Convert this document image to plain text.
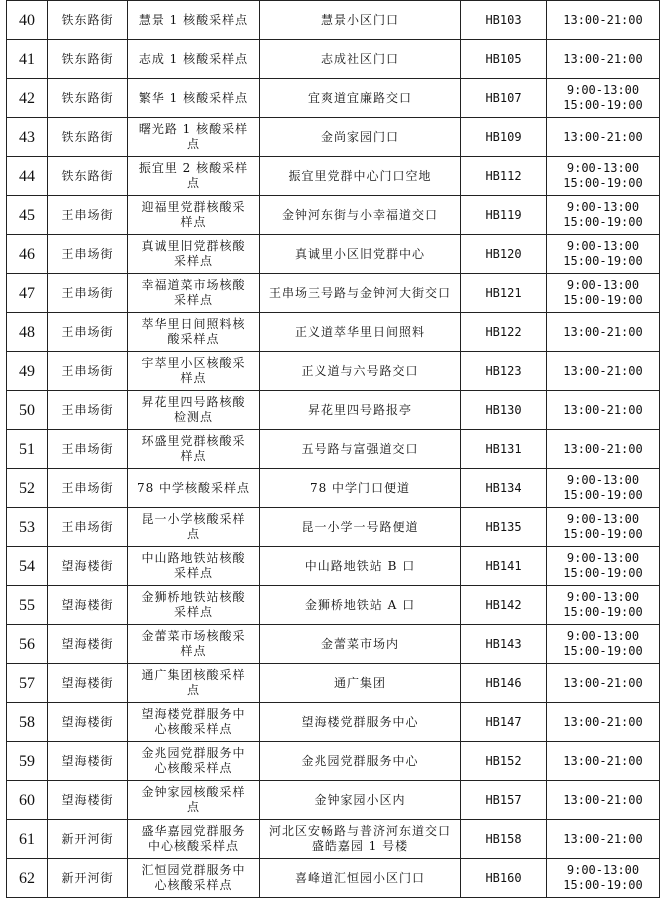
40	铁东路街	慧景 1 核酸采样点	慧景小区门口	HB103	13:00-21:00

41	铁东路街	志成 1 核酸采样点	志成社区门口	HB105	13:00-21:00

42	铁东路街	繁华 1 核酸采样点	宜爽道宜廉路交口	HB107	9:00-13:00
15:00-19:00

43	铁东路街	曙光路 1 核酸采样
点	金尚家园门口	HB109	13:00-21:00

44	铁东路街	振宜里 2 核酸采样
点	振宜里党群中心门口空地	HB112	9:00-13:00
15:00-19:00

45	王串场街	迎福里党群核酸采
样点	金钟河东街与小幸福道交口	HB119	9:00-13:00
15:00-19:00

46	王串场街	真诚里旧党群核酸
采样点	真诚里小区旧党群中心	HB120	9:00-13:00
15:00-19:00

47	王串场街	幸福道菜市场核酸
采样点	王串场三号路与金钟河大街交口	HB121	9:00-13:00
15:00-19:00

48	王串场街	萃华里日间照料核
酸采样点	正义道萃华里日间照料	HB122	13:00-21:00

49	王串场街	宇萃里小区核酸采
样点	正义道与六号路交口	HB123	13:00-21:00

50	王串场街	昇花里四号路核酸
检测点	昇花里四号路报亭	HB130	13:00-21:00

51	王串场街	环盛里党群核酸采
样点	五号路与富强道交口	HB131	13:00-21:00

52	王串场街	78 中学核酸采样点	78 中学门口便道	HB134	9:00-13:00
15:00-19:00

53	王串场街	昆一小学核酸采样
点	昆一小学一号路便道	HB135	9:00-13:00
15:00-19:00

54	望海楼街	中山路地铁站核酸
采样点	中山路地铁站 B 口	HB141	9:00-13:00
15:00-19:00

55	望海楼街	金狮桥地铁站核酸
采样点	金狮桥地铁站 A 口	HB142	9:00-13:00
15:00-19:00

56	望海楼街	金蕾菜市场核酸采
样点	金蕾菜市场内	HB143	9:00-13:00
15:00-19:00

57	望海楼街	通广集团核酸采样
点	通广集团	HB146	13:00-21:00

58	望海楼街	望海楼党群服务中
心核酸采样点	望海楼党群服务中心	HB147	13:00-21:00

59	望海楼街	金兆园党群服务中
心核酸采样点	金兆园党群服务中心	HB152	13:00-21:00

60	望海楼街	金钟家园核酸采样
点	金钟家园小区内	HB157	13:00-21:00

61	新开河街	盛华嘉园党群服务
中心核酸采样点	河北区安畅路与普济河东道交口
盛皓嘉园 1 号楼	HB158	13:00-21:00

62	新开河街	汇恒园党群服务中
心核酸采样点	喜峰道汇恒园小区门口	HB160	9:00-13:00
15:00-19:00
